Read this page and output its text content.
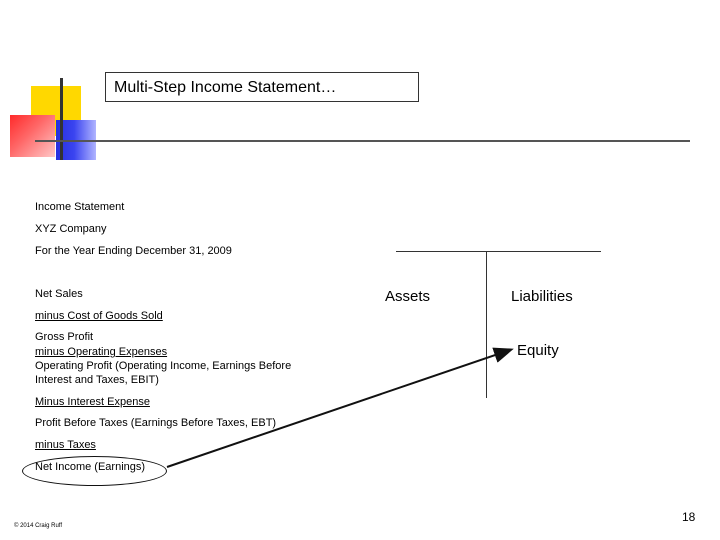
Multi-Step Income Statement…
Income Statement
XYZ Company
For the Year Ending December 31, 2009
Net Sales
minus Cost of Goods Sold
Gross Profit
minus Operating Expenses
Operating Profit (Operating Income, Earnings Before
Interest and Taxes, EBIT)
Minus Interest Expense
Profit Before Taxes (Earnings Before Taxes, EBT)
minus Taxes
Net Income (Earnings)
Assets	Liabilities
Equity
© 2014 Craig Ruff
18
